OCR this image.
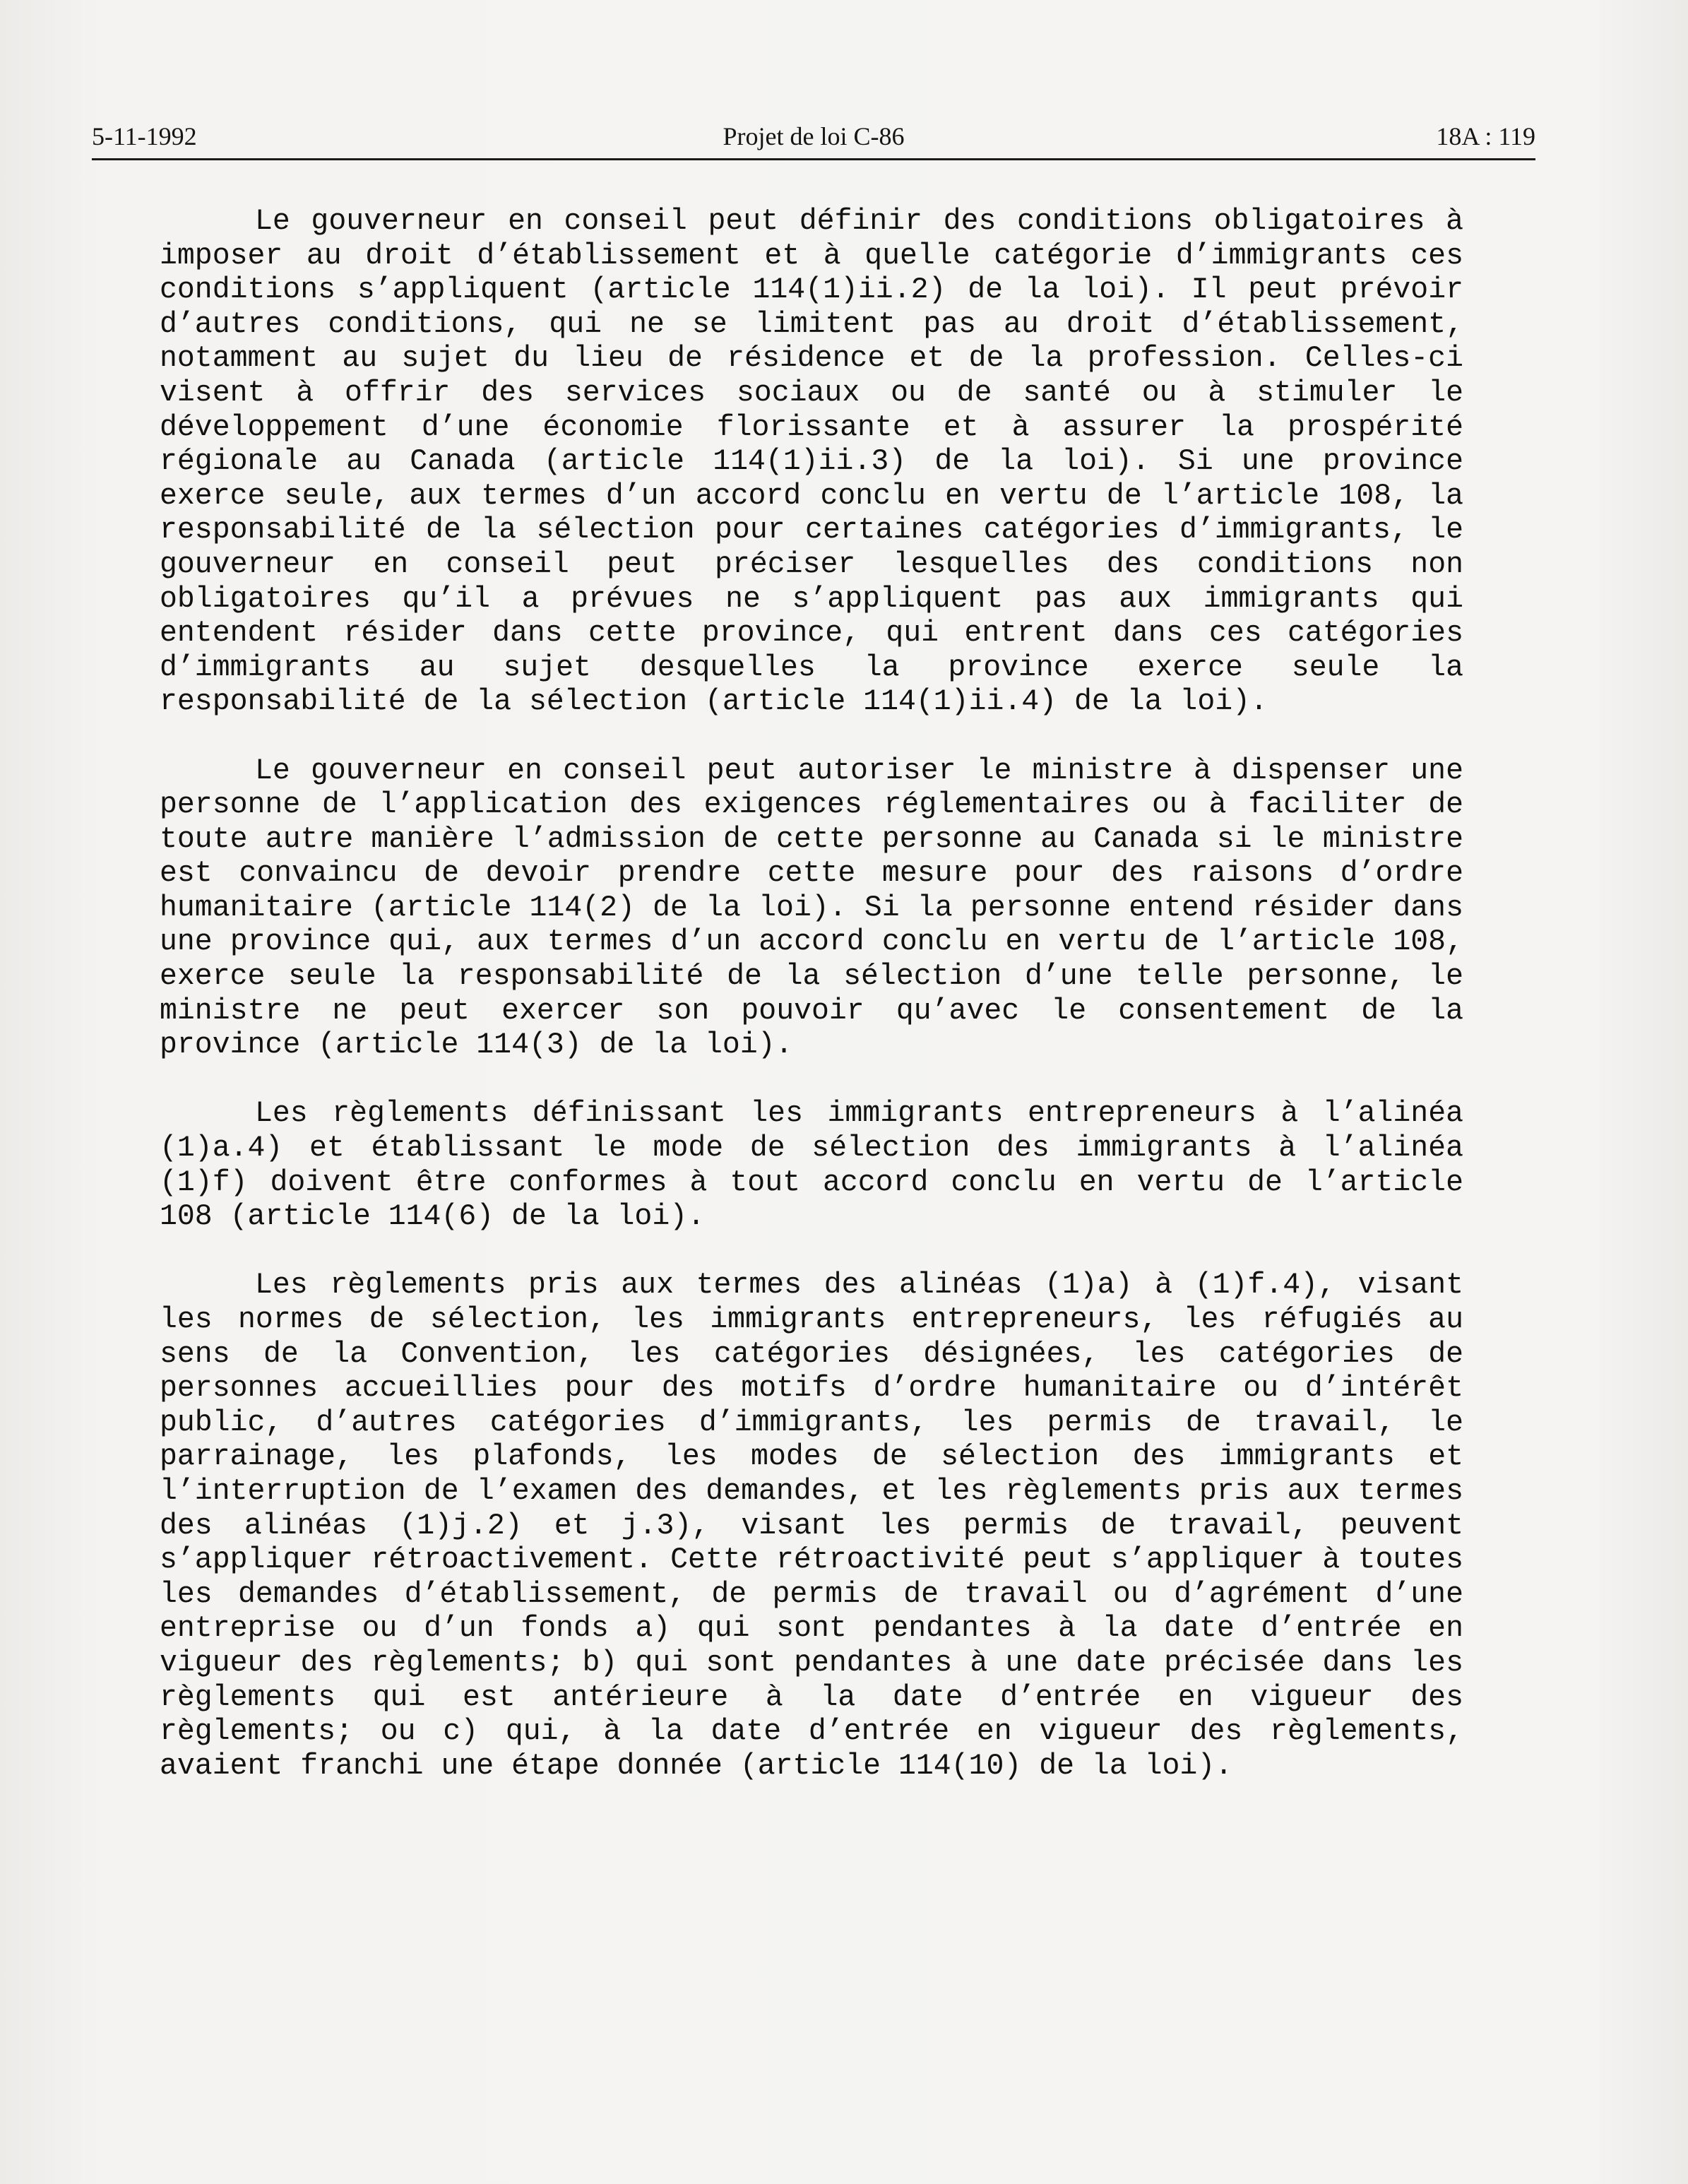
5-11-1992	Projet de loi C-86	18A : 119

Le gouverneur en conseil peut définir des conditions obligatoires à imposer au droit d’établissement et à quelle catégorie d’immigrants ces conditions s’appliquent (article 114(1)ii.2) de la loi). Il peut prévoir d’autres conditions, qui ne se limitent pas au droit d’établissement, notamment au sujet du lieu de résidence et de la profession. Celles-ci visent à offrir des services sociaux ou de santé ou à stimuler le développement d’une économie florissante et à assurer la prospérité régionale au Canada (article 114(1)ii.3) de la loi). Si une province exerce seule, aux termes d’un accord conclu en vertu de l’article 108, la responsabilité de la sélection pour certaines catégories d’immigrants, le gouverneur en conseil peut préciser lesquelles des conditions non obligatoires qu’il a prévues ne s’appliquent pas aux immigrants qui entendent résider dans cette province, qui entrent dans ces catégories d’immigrants au sujet desquelles la province exerce seule la responsabilité de la sélection (article 114(1)ii.4) de la loi).

Le gouverneur en conseil peut autoriser le ministre à dispenser une personne de l’application des exigences réglementaires ou à faciliter de toute autre manière l’admission de cette personne au Canada si le ministre est convaincu de devoir prendre cette mesure pour des raisons d’ordre humanitaire (article 114(2) de la loi). Si la personne entend résider dans une province qui, aux termes d’un accord conclu en vertu de l’article 108, exerce seule la responsabilité de la sélection d’une telle personne, le ministre ne peut exercer son pouvoir qu’avec le consentement de la province (article 114(3) de la loi).

Les règlements définissant les immigrants entrepreneurs à l’alinéa (1)a.4) et établissant le mode de sélection des immigrants à l’alinéa (1)f) doivent être conformes à tout accord conclu en vertu de l’article 108 (article 114(6) de la loi).

Les règlements pris aux termes des alinéas (1)a) à (1)f.4), visant les normes de sélection, les immigrants entrepreneurs, les réfugiés au sens de la Convention, les catégories désignées, les catégories de personnes accueillies pour des motifs d’ordre humanitaire ou d’intérêt public, d’autres catégories d’immigrants, les permis de travail, le parrainage, les plafonds, les modes de sélection des immigrants et l’interruption de l’examen des demandes, et les règlements pris aux termes des alinéas (1)j.2) et j.3), visant les permis de travail, peuvent s’appliquer rétroactivement. Cette rétroactivité peut s’appliquer à toutes les demandes d’établissement, de permis de travail ou d’agrément d’une entreprise ou d’un fonds a) qui sont pendantes à la date d’entrée en vigueur des règlements; b) qui sont pendantes à une date précisée dans les règlements qui est antérieure à la date d’entrée en vigueur des règlements; ou c) qui, à la date d’entrée en vigueur des règlements, avaient franchi une étape donnée (article 114(10) de la loi).
